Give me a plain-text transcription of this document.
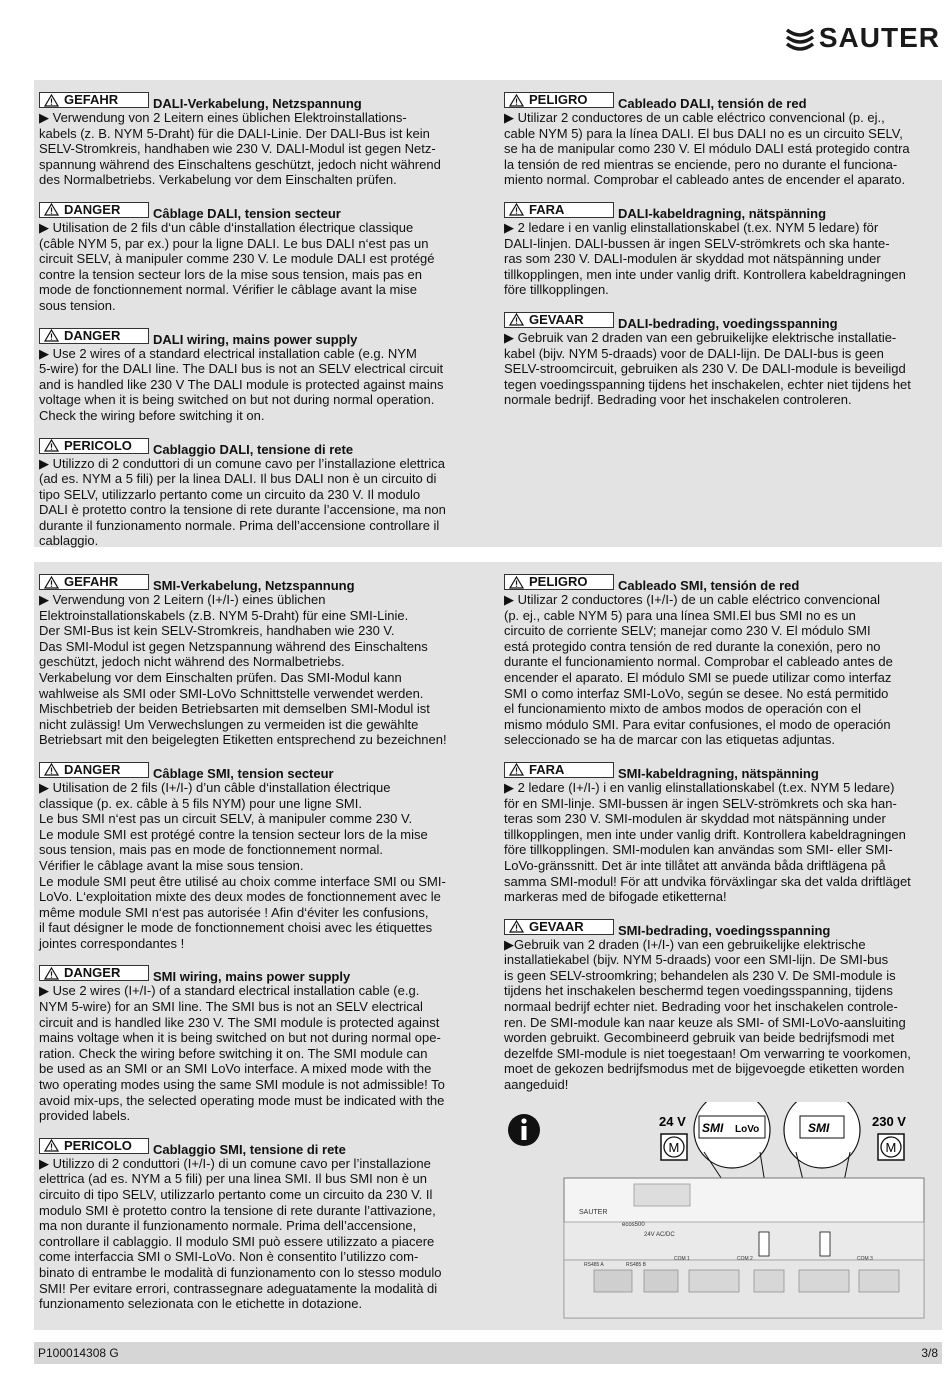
SAUTER
GEFAHR	DALI-Verkabelung, Netzspannung
▶ Verwendung von 2 Leitern eines üblichen Elektroinstallations-
kabels (z. B. NYM 5-Draht) für die DALI-Linie. Der DALI-Bus ist kein
SELV-Stromkreis, handhaben wie 230 V. DALI-Modul ist gegen Netz-
spannung während des Einschaltens geschützt, jedoch nicht während
des Normalbetriebs. Verkabelung vor dem Einschalten prüfen.
DANGER	Câblage DALI, tension secteur
▶ Utilisation de 2 fils d‘un câble d‘installation électrique classique
(câble NYM 5, par ex.) pour la ligne DALI. Le bus DALI n‘est pas un
circuit SELV, à manipuler comme 230 V. Le module DALI est protégé
contre la tension secteur lors de la mise sous tension, mais pas en
mode de fonctionnement normal. Vérifier le câblage avant la mise
sous tension.
DANGER	DALI wiring, mains power supply
▶ Use 2 wires of a standard electrical installation cable (e.g. NYM
5-wire) for the DALI line. The DALI bus is not an SELV electrical circuit
and is handled like 230 V The DALI module is protected against mains
voltage when it is being switched on but not during normal operation.
Check the wiring before switching it on.
PERICOLO Cablaggio DALI, tensione di rete
▶ Utilizzo di 2 conduttori di un comune cavo per l’installazione elettrica
(ad es. NYM a 5 fili) per la linea DALI. Il bus DALI non è un circuito di
tipo SELV, utilizzarlo pertanto come un circuito da 230 V. Il modulo
DALI è protetto contro la tensione di rete durante l’accensione, ma non
durante il funzionamento normale. Prima dell’accensione controllare il
cablaggio.
PELIGRO Cableado DALI, tensión de red
▶ Utilizar 2 conductores de un cable eléctrico convencional (p. ej.,
cable NYM 5) para la línea DALI. El bus DALI no es un circuito SELV,
se ha de manipular como 230 V. El módulo DALI está protegido contra
la tensión de red mientras se enciende, pero no durante el funciona-
miento normal. Comprobar el cableado antes de encender el aparato.
FARA	DALI-kabeldragning, nätspänning
▶ 2 ledare i en vanlig elinstallationskabel (t.ex. NYM 5 ledare) för
DALI-linjen. DALI-bussen är ingen SELV-strömkrets och ska hante-
ras som 230 V. DALI-modulen är skyddad mot nätspänning under
tillkopplingen, men inte under vanlig drift. Kontrollera kabeldragningen
före tillkopplingen.
GEVAAR	DALI-bedrading, voedingsspanning
▶ Gebruik van 2 draden van een gebruikelijke elektrische installatie-
kabel (bijv. NYM 5-draads) voor de DALI-lijn. De DALI-bus is geen
SELV-stroomcircuit, gebruiken als 230 V. De DALI-module is beveiligd
tegen voedingsspanning tijdens het inschakelen, echter niet tijdens het
normale bedrijf. Bedrading voor het inschakelen controleren.
GEFAHR	SMI-Verkabelung, Netzspannung
▶ Verwendung von 2 Leitern (I+/I-) eines üblichen
Elektroinstallationskabels (z.B. NYM 5-Draht) für eine SMI-Linie.
Der SMI-Bus ist kein SELV-Stromkreis, handhaben wie 230 V.
Das SMI-Modul ist gegen Netzspannung während des Einschaltens
geschützt, jedoch nicht während des Normalbetriebs.
Verkabelung vor dem Einschalten prüfen. Das SMI-Modul kann
wahlweise als SMI oder SMI-LoVo Schnittstelle verwendet werden.
Mischbetrieb der beiden Betriebsarten mit demselben SMI-Modul ist
nicht zulässig! Um Verwechslungen zu vermeiden ist die gewählte
Betriebsart mit den beigelegten Etiketten entsprechend zu bezeichnen!
DANGER	Câblage SMI, tension secteur
▶ Utilisation de 2 fils (I+/I-) d’un câble d‘installation électrique
classique (p. ex. câble à 5 fils NYM) pour une ligne SMI.
Le bus SMI n‘est pas un circuit SELV, à manipuler comme 230 V.
Le module SMI est protégé contre la tension secteur lors de la mise
sous tension, mais pas en mode de fonctionnement normal.
Vérifier le câblage avant la mise sous tension.
Le module SMI peut être utilisé au choix comme interface SMI ou SMI-
LoVo. L‘exploitation mixte des deux modes de fonctionnement avec le
même module SMI n‘est pas autorisée ! Afin d‘éviter les confusions,
il faut désigner le mode de fonctionnement choisi avec les étiquettes
jointes correspondantes !
DANGER	SMI wiring, mains power supply
▶ Use 2 wires (I+/I-) of a standard electrical installation cable (e.g.
NYM 5-wire) for an SMI line. The SMI bus is not an SELV electrical
circuit and is handled like 230 V. The SMI module is protected against
mains voltage when it is being switched on but not during normal ope-
ration. Check the wiring before switching it on. The SMI module can
be used as an SMI or an SMI LoVo interface. A mixed mode with the
two operating modes using the same SMI module is not admissible! To
avoid mix-ups, the selected operating mode must be indicated with the
provided labels.
PERICOLO Cablaggio SMI, tensione di rete
▶ Utilizzo di 2 conduttori (I+/I-) di un comune cavo per l’installazione
elettrica (ad es. NYM a 5 fili) per una linea SMI. Il bus SMI non è un
circuito di tipo SELV, utilizzarlo pertanto come un circuito da 230 V. Il
modulo SMI è protetto contro la tensione di rete durante l’attivazione,
ma non durante il funzionamento normale. Prima dell’accensione,
controllare il cablaggio. Il modulo SMI può essere utilizzato a piacere
come interfaccia SMI o SMI-LoVo. Non è consentito l’utilizzo com-
binato di entrambe le modalità di funzionamento con lo stesso modulo
SMI! Per evitare errori, contrassegnare adeguatamente la modalità di
funzionamento selezionata con le etichette in dotazione.
PELIGRO Cableado SMI, tensión de red
▶ Utilizar 2 conductores (I+/I-) de un cable eléctrico convencional
(p. ej., cable NYM 5) para una línea SMI.El bus SMI no es un
circuito de corriente SELV; manejar como 230 V. El módulo SMI
está protegido contra tensión de red durante la conexión, pero no
durante el funcionamiento normal. Comprobar el cableado antes de
encender el aparato. El módulo SMI se puede utilizar como interfaz
SMI o como interfaz SMI-LoVo, según se desee. No está permitido
el funcionamiento mixto de ambos modos de operación con el
mismo módulo SMI. Para evitar confusiones, el modo de operación
seleccionado se ha de marcar con las etiquetas adjuntas.
FARA	SMI-kabeldragning, nätspänning
▶ 2 ledare (I+/I-) i en vanlig elinstallationskabel (t.ex. NYM 5 ledare)
för en SMI-linje. SMI-bussen är ingen SELV-strömkrets och ska han-
teras som 230 V. SMI-modulen är skyddad mot nätspänning under
tillkopplingen, men inte under vanlig drift. Kontrollera kabeldragningen
före tillkopplingen. SMI-modulen kan användas som SMI- eller SMI-
LoVo-gränssnitt. Det är inte tillåtet att använda båda driftlägena på
samma SMI-modul! För att undvika förväxlingar ska det valda driftläget
markeras med de bifogade etiketterna!
GEVAAR	SMI-bedrading, voedingsspanning
▶Gebruik van 2 draden (I+/I-) van een gebruikelijke elektrische
installatiekabel (bijv. NYM 5-draads) voor een SMI-lijn. De SMI-bus
is geen SELV-stroomkring; behandelen als 230 V. De SMI-module is
tijdens het inschakelen beschermd tegen voedingsspanning, tijdens
normaal bedrijf echter niet. Bedrading voor het inschakelen controle-
ren. De SMI-module kan naar keuze als SMI- of SMI-LoVo-aansluiting
worden gebruikt. Gecombineerd gebruik van beide bedrijfsmodi met
dezelfde SMI-module is niet toegestaan! Om verwarring te voorkomen,
moet de gekozen bedrijfsmodus met de bijgevoegde etiketten worden
aangeduid!
24 V
M
SMI LoVo	SMI	230 V
M
SAUTER
ecos500
24V AC/DC
RS485 A	RS485 B
COM 1	COM 2	COM 3
P100014308 G	3/8
